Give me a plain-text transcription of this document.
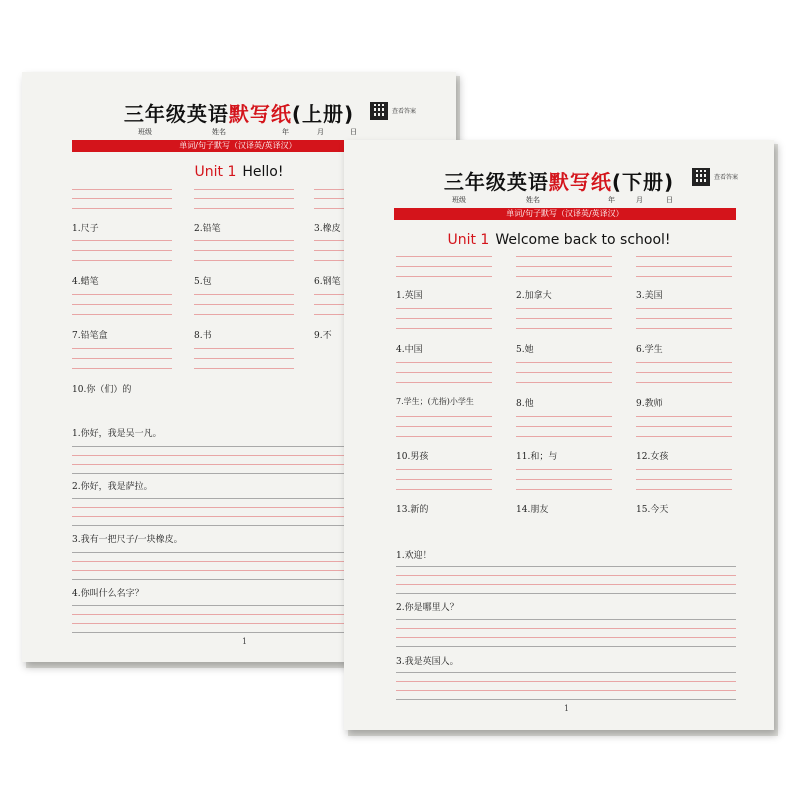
三年级英语默写纸(上册)	查看答案
班级	姓名	年	月	日
单词/句子默写（汉译英/英译汉）
Unit 1 Hello!
1.尺子	2.铅笔	3.橡皮
4.蜡笔	5.包	6.钢笔
7.铅笔盒	8.书	9.不
10.你（们）的
1.你好，我是吴一凡。
2.你好，我是萨拉。
3.我有一把尺子/一块橡皮。
4.你叫什么名字？
1
三年级英语默写纸(下册)	查看答案
班级	姓名	年	月	日
单词/句子默写（汉译英/英译汉）
Unit 1 Welcome back to school!
1.英国	2.加拿大	3.美国
4.中国	5.她	6.学生
7.学生；(尤指)小学生	8.他	9.教师
10.男孩	11.和；与	12.女孩
13.新的	14.朋友	15.今天
1.欢迎！
2.你是哪里人？
3.我是英国人。
1
